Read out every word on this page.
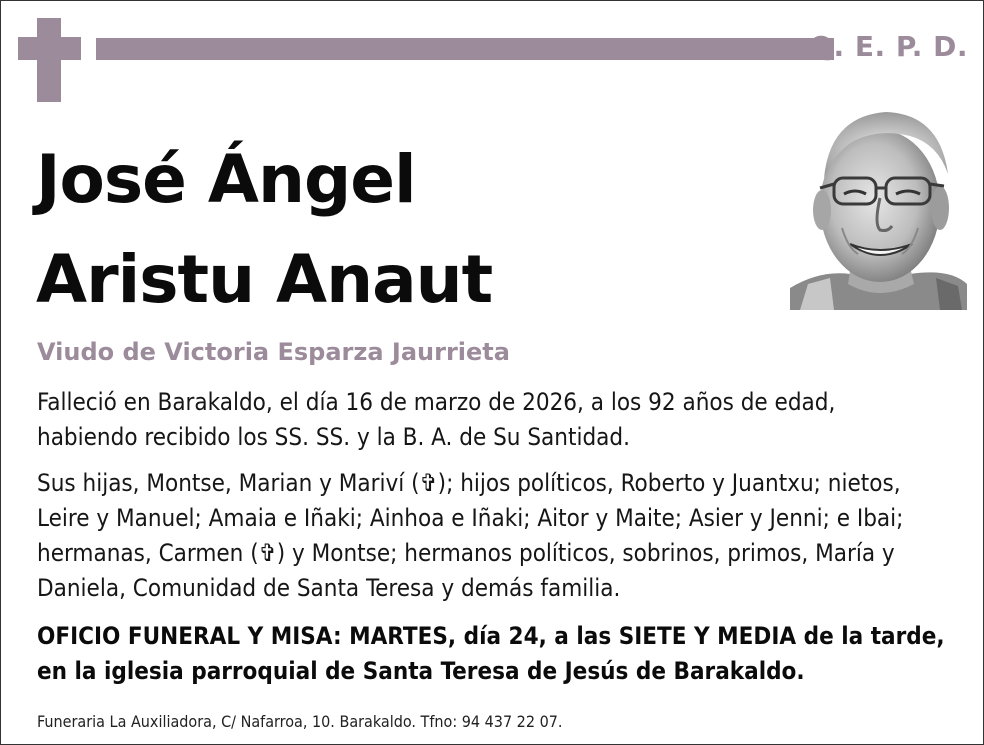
Q. E. P. D.
José Ángel
Aristu Anaut
Viudo de Victoria Esparza Jaurrieta
Falleció en Barakaldo, el día 16 de marzo de 2026, a los 92 años de edad,
habiendo recibido los SS. SS. y la B. A. de Su Santidad.
Sus hijas, Montse, Marian y Mariví (✞); hijos políticos, Roberto y Juantxu; nietos, Leire y Manuel; Amaia e Iñaki; Ainhoa e Iñaki; Aitor y Maite; Asier y Jenni; e Ibai; hermanas, Carmen (✞) y Montse; hermanos políticos, sobrinos, primos, María y Daniela, Comunidad de Santa Teresa y demás familia.
OFICIO FUNERAL Y MISA: MARTES, día 24, a las SIETE Y MEDIA de la tarde, en la iglesia parroquial de Santa Teresa de Jesús de Barakaldo.
Funeraria La Auxiliadora, C/ Nafarroa, 10. Barakaldo. Tfno: 94 437 22 07.
